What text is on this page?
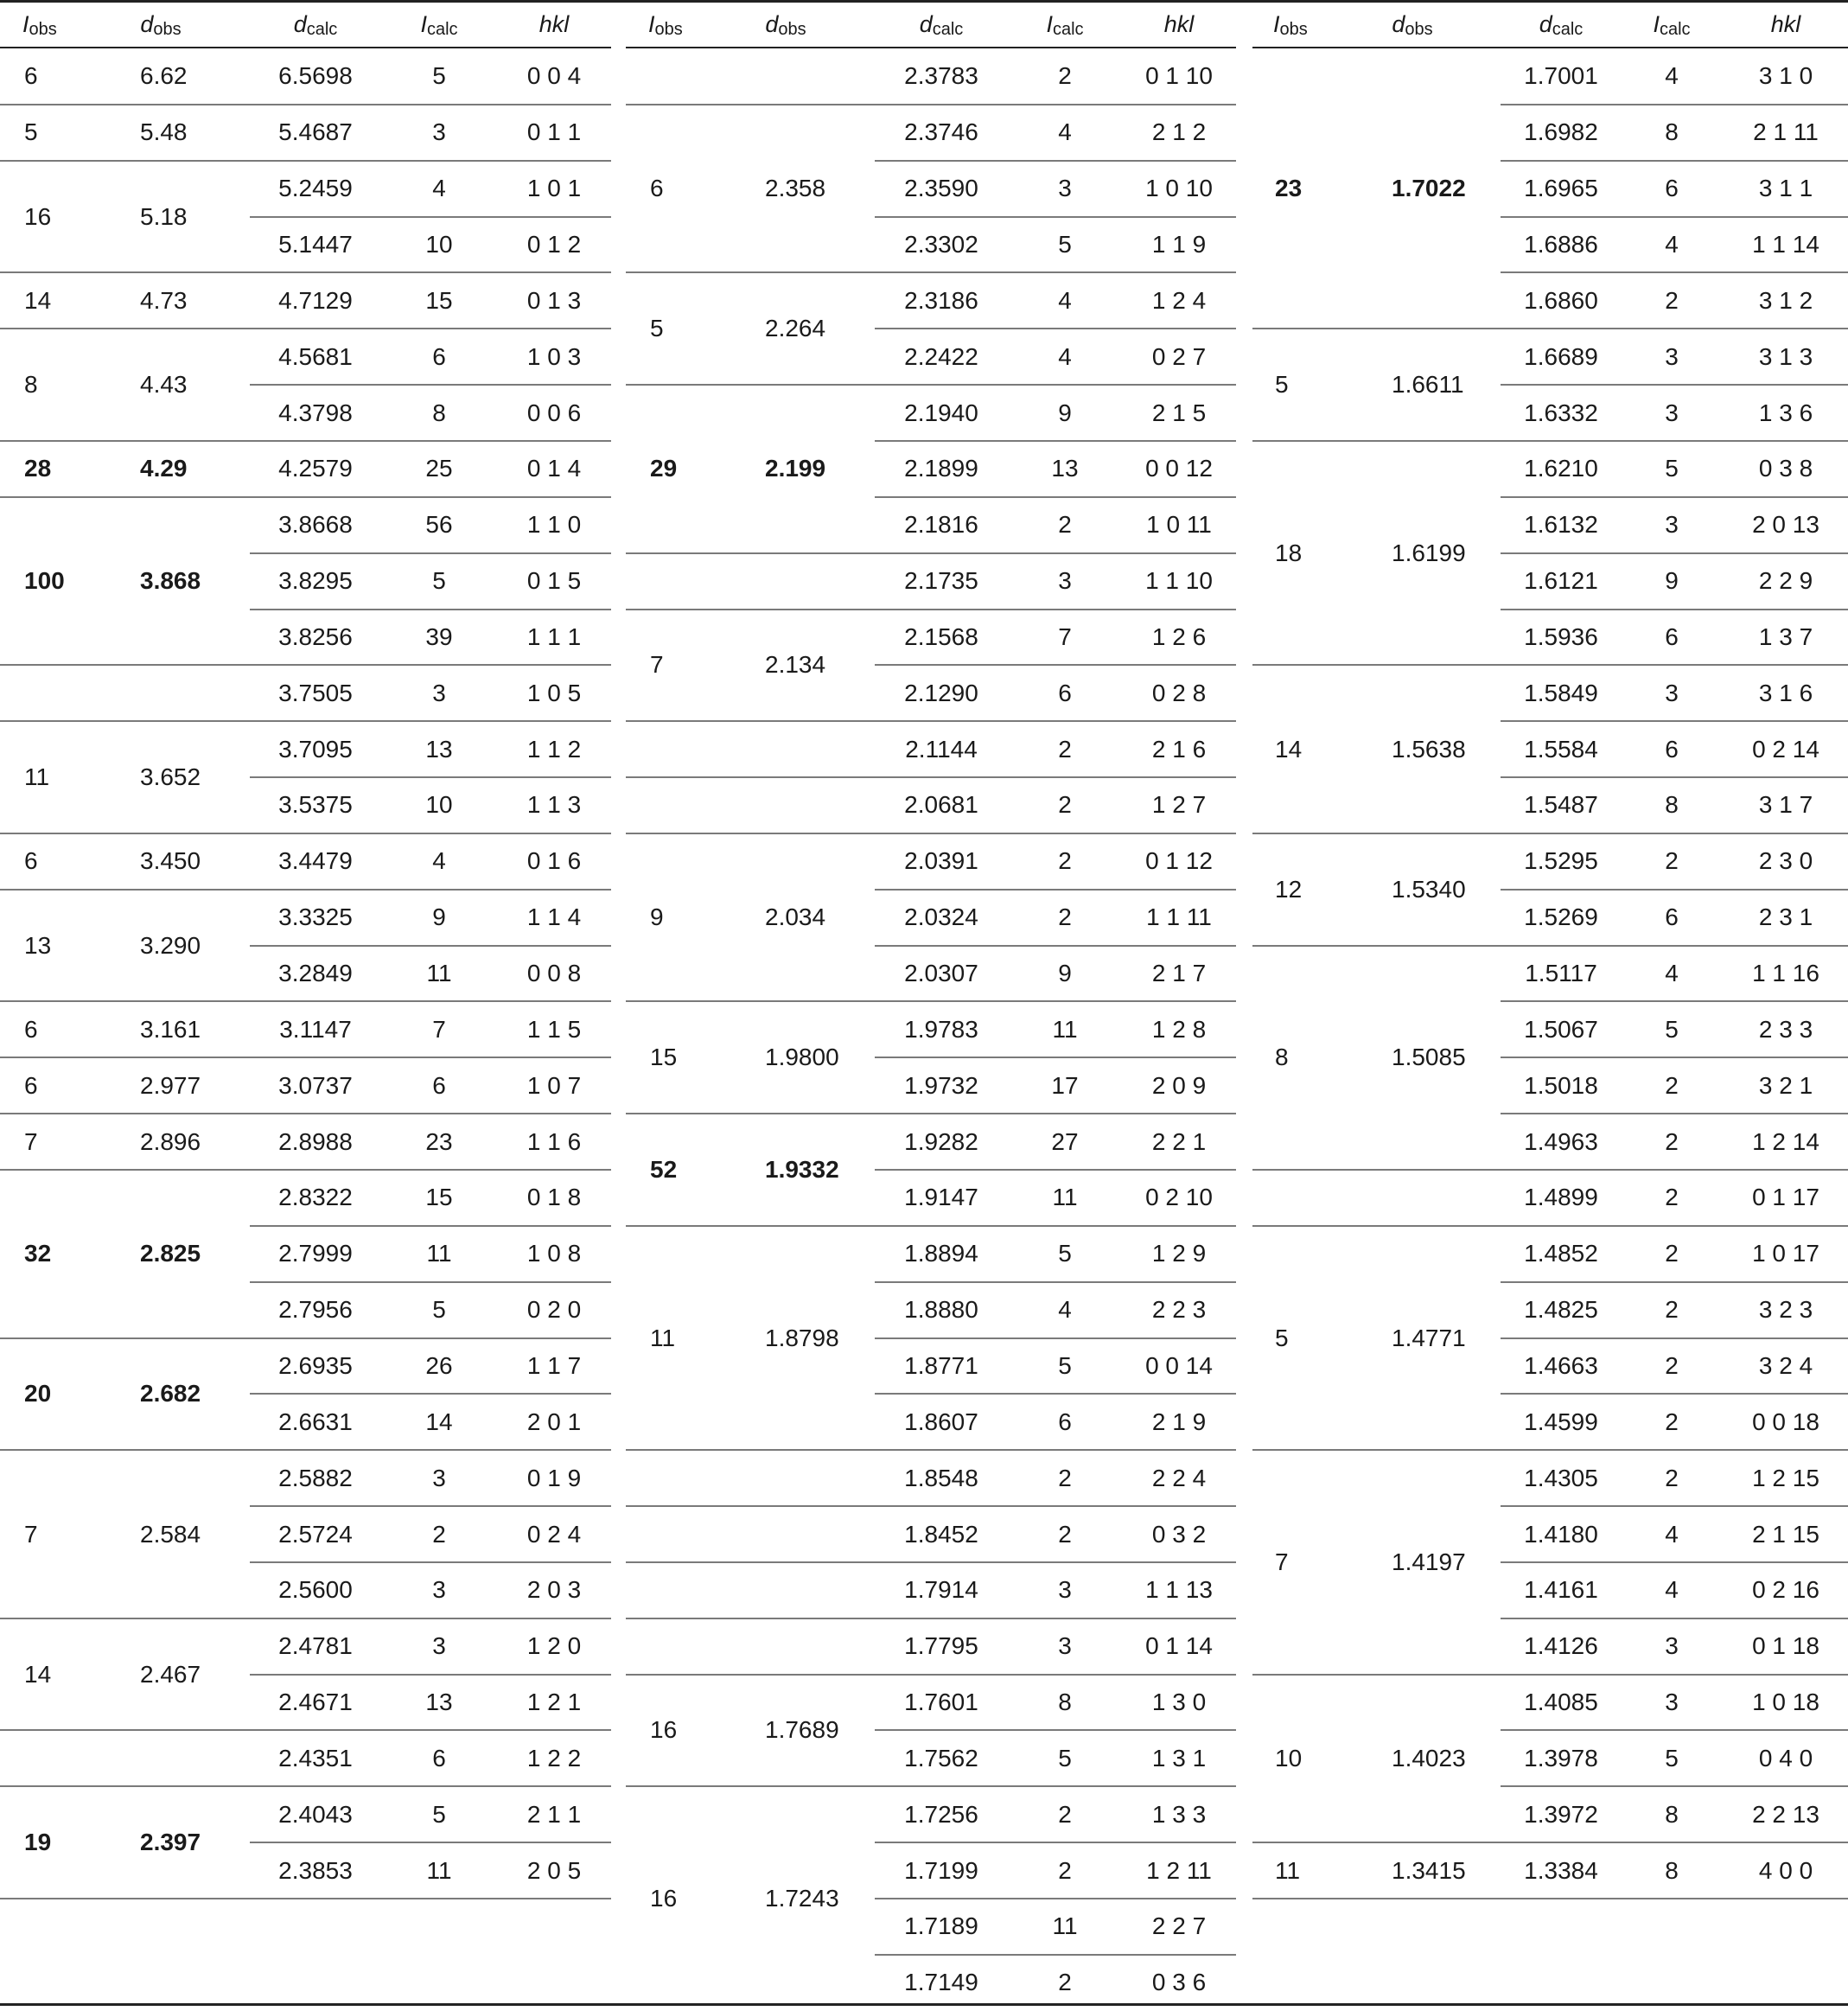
$I_{obs}$	$d_{obs}$	$d_{calc}$	$I_{calc}$	hkl
6	6.62	6.5698	5	0 0 4
5	5.48	5.4687	3	0 1 1
16	5.18
5.2459	4	1 0 1
5.1447	10	0 1 2
14	4.73	4.7129	15	0 1 3
8	4.43
4.5681	6	1 0 3
4.3798	8	0 0 6
28	4.29	4.2579	25	0 1 4
100	3.868
3.8668	56	1 1 0
3.8295	5	0 1 5
3.8256	39	1 1 1
3.7505	3	1 0 5
11	3.652
3.7095	13	1 1 2
3.5375	10	1 1 3
6	3.450	3.4479	4	0 1 6
13	3.290
3.3325	9	1 1 4
3.2849	11	0 0 8
6	3.161	3.1147	7	1 1 5
6	2.977	3.0737	6	1 0 7
7	2.896	2.8988	23	1 1 6
32	2.825
2.8322	15	0 1 8
2.7999	11	1 0 8
2.7956	5	0 2 0
20	2.682
2.6935	26	1 1 7
2.6631	14	2 0 1
7	2.584
2.5882	3	0 1 9
2.5724	2	0 2 4
2.5600	3	2 0 3
14	2.467
2.4781	3	1 2 0
2.4671	13	1 2 1
2.4351	6	1 2 2
19	2.397
2.4043	5	2 1 1
2.3853	11	2 0 5
$I_{obs}$	$d_{obs}$	$d_{calc}$	$I_{calc}$	hkl
2.3783	2	0 1 10
6	2.358
2.3746	4	2 1 2
2.3590	3	1 0 10
2.3302	5	1 1 9
5	2.264
2.3186	4	1 2 4
2.2422	4	0 2 7
29	2.199
2.1940	9	2 1 5
2.1899	13	0 0 12
2.1816	2	1 0 11
2.1735	3	1 1 10
7	2.134
2.1568	7	1 2 6
2.1290	6	0 2 8
2.1144	2	2 1 6
2.0681	2	1 2 7
9	2.034
2.0391	2	0 1 12
2.0324	2	1 1 11
2.0307	9	2 1 7
15	1.9800
1.9783	11	1 2 8
1.9732	17	2 0 9
52	1.9332
1.9282	27	2 2 1
1.9147	11	0 2 10
11	1.8798
1.8894	5	1 2 9
1.8880	4	2 2 3
1.8771	5	0 0 14
1.8607	6	2 1 9
1.8548	2	2 2 4
1.8452	2	0 3 2
1.7914	3	1 1 13
1.7795	3	0 1 14
16	1.7689
1.7601	8	1 3 0
1.7562	5	1 3 1
16	1.7243
1.7256	2	1 3 3
1.7199	2	1 2 11
1.7189	11	2 2 7
1.7149	2	0 3 6
$I_{obs}$	$d_{obs}$	$d_{calc}$	$I_{calc}$	hkl
23	1.7022
1.7001	4	3 1 0
1.6982	8	2 1 11
1.6965	6	3 1 1
1.6886	4	1 1 14
1.6860	2	3 1 2
5	1.6611
1.6689	3	3 1 3
1.6332	3	1 3 6
18	1.6199
1.6210	5	0 3 8
1.6132	3	2 0 13
1.6121	9	2 2 9
1.5936	6	1 3 7
14	1.5638
1.5849	3	3 1 6
1.5584	6	0 2 14
1.5487	8	3 1 7
12	1.5340
1.5295	2	2 3 0
1.5269	6	2 3 1
8	1.5085
1.5117	4	1 1 16
1.5067	5	2 3 3
1.5018	2	3 2 1
1.4963	2	1 2 14
1.4899	2	0 1 17
5	1.4771
1.4852	2	1 0 17
1.4825	2	3 2 3
1.4663	2	3 2 4
1.4599	2	0 0 18
7	1.4197
1.4305	2	1 2 15
1.4180	4	2 1 15
1.4161	4	0 2 16
1.4126	3	0 1 18
10	1.4023
1.4085	3	1 0 18
1.3978	5	0 4 0
1.3972	8	2 2 13
11	1.3415	1.3384	8	4 0 0
